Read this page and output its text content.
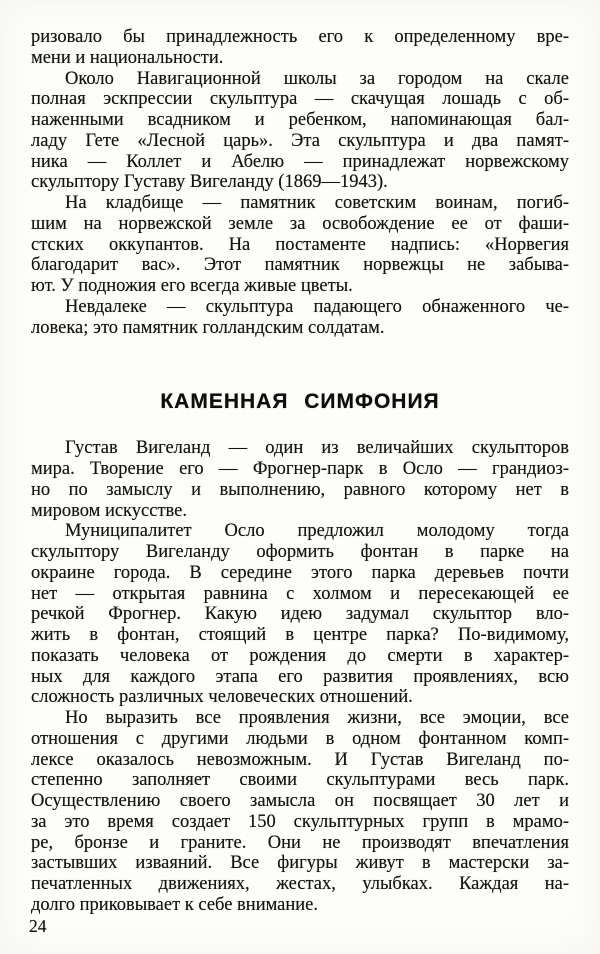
ризовало бы принадлежность его к определенному вре-
мени и национальности.
Около Навигационной школы за городом на скале
полная эскпрессии скульптура — скачущая лошадь с об-
наженными всадником и ребенком, напоминающая бал-
ладу Гете «Лесной царь». Эта скульптура и два памят-
ника — Коллет и Абелю — принадлежат норвежскому
скульптору Густаву Вигеланду (1869—1943).
На кладбище — памятник советским воинам, погиб-
шим на норвежской земле за освобождение ее от фаши-
стских оккупантов. На постаменте надпись: «Норвегия
благодарит вас». Этот памятник норвежцы не забыва-
ют. У подножия его всегда живые цветы.
Невдалеке — скульптура падающего обнаженного че-
ловека; это памятник голландским солдатам.
КАМЕННАЯ СИМФОНИЯ
Густав Вигеланд — один из величайших скульпторов
мира. Творение его — Фрогнер-парк в Осло — грандиоз-
но по замыслу и выполнению, равного которому нет в
мировом искусстве.
Муниципалитет Осло предложил молодому тогда
скульптору Вигеланду оформить фонтан в парке на
окраине города. В середине этого парка деревьев почти
нет — открытая равнина с холмом и пересекающей ее
речкой Фрогнер. Какую идею задумал скульптор вло-
жить в фонтан, стоящий в центре парка? По-видимому,
показать человека от рождения до смерти в характер-
ных для каждого этапа его развития проявлениях, всю
сложность различных человеческих отношений.
Но выразить все проявления жизни, все эмоции, все
отношения с другими людьми в одном фонтанном комп-
лексе оказалось невозможным. И Густав Вигеланд по-
степенно заполняет своими скульптурами весь парк.
Осуществлению своего замысла он посвящает 30 лет и
за это время создает 150 скульптурных групп в мрамо-
ре, бронзе и граните. Они не производят впечатления
застывших изваяний. Все фигуры живут в мастерски за-
печатленных движениях, жестах, улыбках. Каждая на-
долго приковывает к себе внимание.
24
